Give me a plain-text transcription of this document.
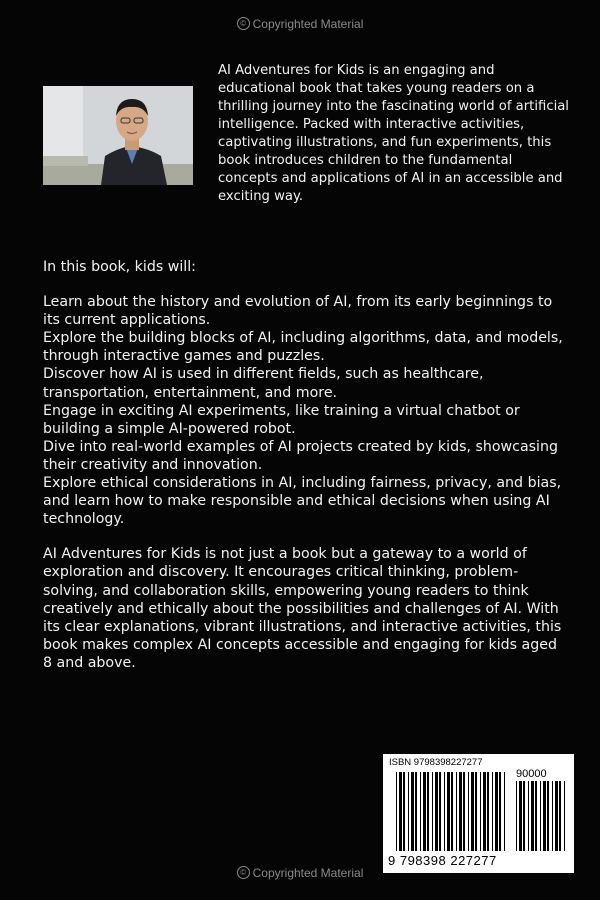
© Copyrighted Material

AI Adventures for Kids is an engaging and educational book that takes young readers on a thrilling journey into the fascinating world of artificial intelligence. Packed with interactive activities, captivating illustrations, and fun experiments, this book introduces children to the fundamental concepts and applications of AI in an accessible and exciting way.

In this book, kids will:

Learn about the history and evolution of AI, from its early beginnings to its current applications.
Explore the building blocks of AI, including algorithms, data, and models, through interactive games and puzzles.
Discover how AI is used in different fields, such as healthcare, transportation, entertainment, and more.
Engage in exciting AI experiments, like training a virtual chatbot or building a simple AI-powered robot.
Dive into real-world examples of AI projects created by kids, showcasing their creativity and innovation.
Explore ethical considerations in AI, including fairness, privacy, and bias, and learn how to make responsible and ethical decisions when using AI technology.

AI Adventures for Kids is not just a book but a gateway to a world of exploration and discovery. It encourages critical thinking, problem-solving, and collaboration skills, empowering young readers to think creatively and ethically about the possibilities and challenges of AI. With its clear explanations, vibrant illustrations, and interactive activities, this book makes complex AI concepts accessible and engaging for kids aged 8 and above.

ISBN 9798398227277
90000
9 798398 227277
© Copyrighted Material
